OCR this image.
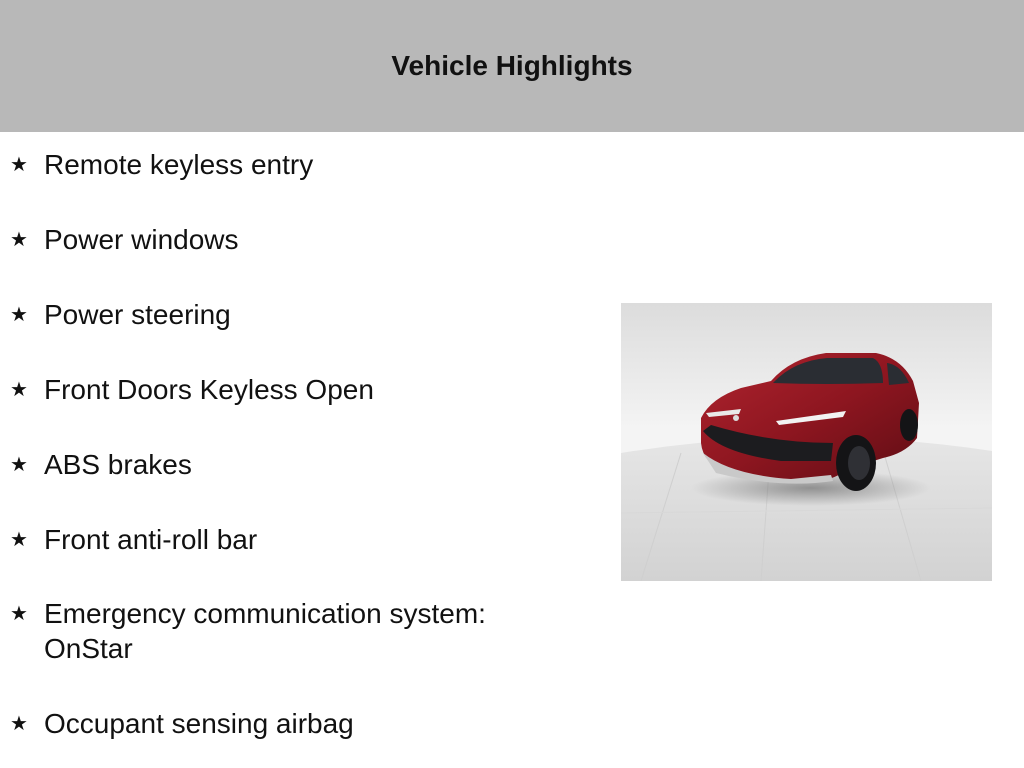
Vehicle Highlights
★ Remote keyless entry
★ Power windows
★ Power steering
★ Front Doors Keyless Open
★ ABS brakes
★ Front anti-roll bar
★ Emergency communication system: OnStar
★ Occupant sensing airbag
